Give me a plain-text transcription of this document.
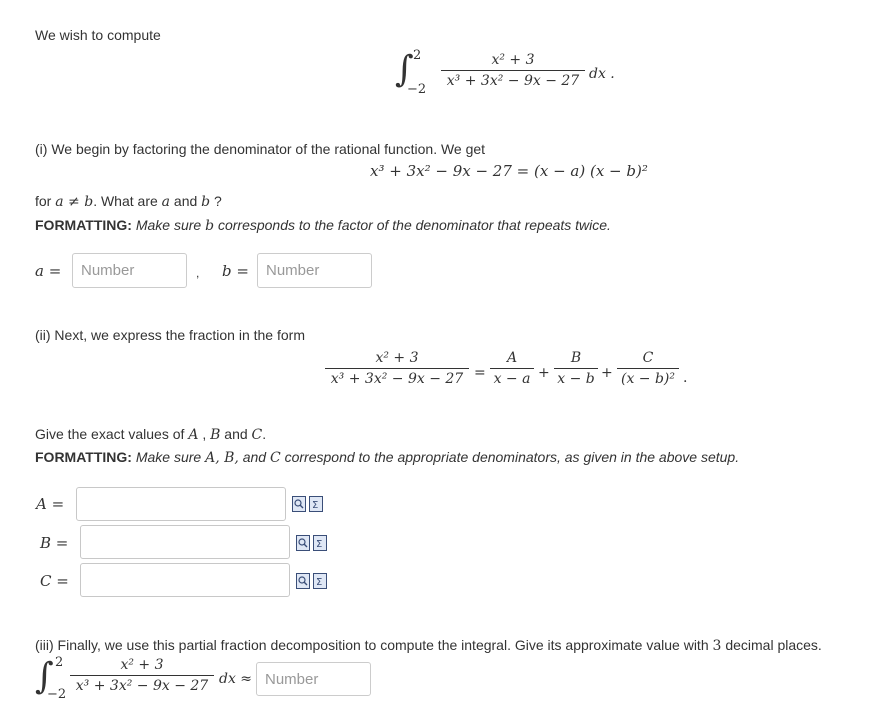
We wish to compute
∫ 2
−2
x² + 3
x³ + 3x² − 9x − 27 dx .
(i) We begin by factoring the denominator of the rational function. We get
x³ + 3x² − 9x − 27 = (x − a) (x − b)²
for a ≠ b. What are a and b ?
FORMATTING: Make sure b corresponds to the factor of the denominator that repeats twice.
a =	Number	, b =	Number
(ii) Next, we express the fraction in the form
x² + 3
x³ + 3x² − 9x − 27 =
A
x − a +
B
x − b +
C
(x − b)² .
Give the exact values of A , B and C.
FORMATTING: Make sure A, B, and C correspond to the appropriate denominators, as given in the above setup.
A =	Σ
B =	Σ
C =	Σ
(iii) Finally, we use this partial fraction decomposition to compute the integral. Give its approximate value with 3 decimal places.
∫ 2
−2
x² + 3
x³ + 3x² − 9x − 27 dx ≈ Number
